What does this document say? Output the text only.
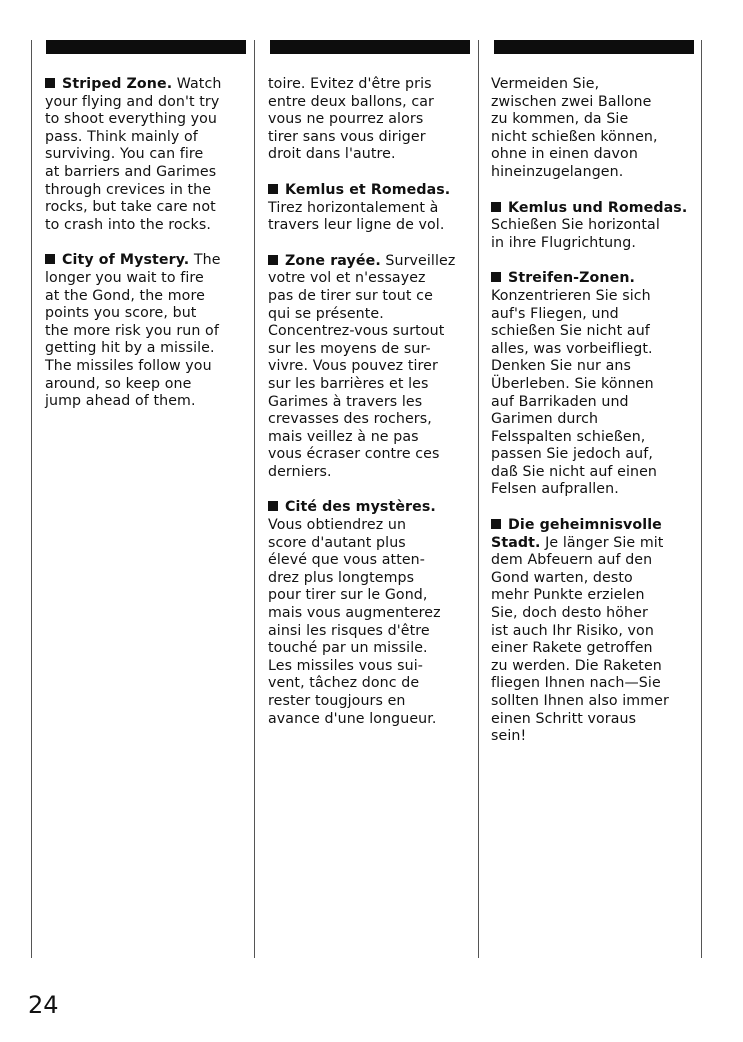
Striped Zone. Watch
your flying and don't try
to shoot everything you
pass. Think mainly of
surviving. You can fire
at barriers and Garimes
through crevices in the
rocks, but take care not
to crash into the rocks.

City of Mystery. The
longer you wait to fire
at the Gond, the more
points you score, but
the more risk you run of
getting hit by a missile.
The missiles follow you
around, so keep one
jump ahead of them.

toire. Evitez d'être pris
entre deux ballons, car
vous ne pourrez alors
tirer sans vous diriger
droit dans l'autre.

Kemlus et Romedas.
Tirez horizontalement à
travers leur ligne de vol.

Zone rayée. Surveillez
votre vol et n'essayez
pas de tirer sur tout ce
qui se présente.
Concentrez-vous surtout
sur les moyens de sur-
vivre. Vous pouvez tirer
sur les barrières et les
Garimes à travers les
crevasses des rochers,
mais veillez à ne pas
vous écraser contre ces
derniers.

Cité des mystères.
Vous obtiendrez un
score d'autant plus
élevé que vous atten-
drez plus longtemps
pour tirer sur le Gond,
mais vous augmenterez
ainsi les risques d'être
touché par un missile.
Les missiles vous sui-
vent, tâchez donc de
rester tougjours en
avance d'une longueur.

Vermeiden Sie,
zwischen zwei Ballone
zu kommen, da Sie
nicht schießen können,
ohne in einen davon
hineinzugelangen.

Kemlus und Romedas.
Schießen Sie horizontal
in ihre Flugrichtung.

Streifen-Zonen.
Konzentrieren Sie sich
auf's Fliegen, und
schießen Sie nicht auf
alles, was vorbeifliegt.
Denken Sie nur ans
Überleben. Sie können
auf Barrikaden und
Garimen durch
Felsspalten schießen,
passen Sie jedoch auf,
daß Sie nicht auf einen
Felsen aufprallen.

Die geheimnisvolle
Stadt. Je länger Sie mit
dem Abfeuern auf den
Gond warten, desto
mehr Punkte erzielen
Sie, doch desto höher
ist auch Ihr Risiko, von
einer Rakete getroffen
zu werden. Die Raketen
fliegen Ihnen nach—Sie
sollten Ihnen also immer
einen Schritt voraus
sein!

24
